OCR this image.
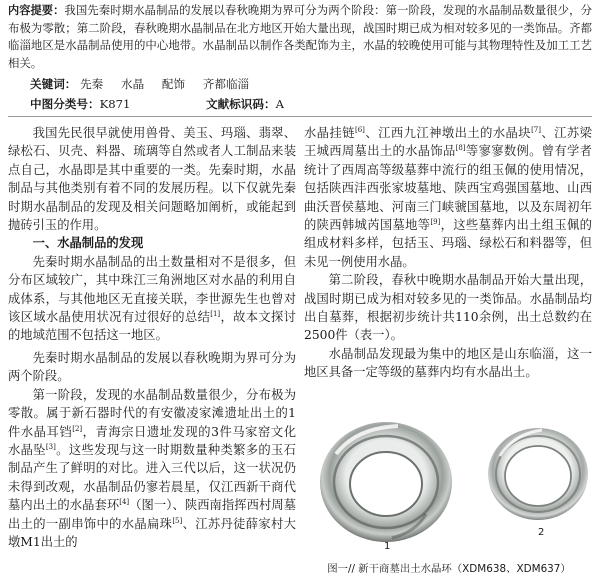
内容提要：我国先秦时期水晶制品的发展以春秋晚期为界可分为两个阶段：第一阶段，发现的水晶制品数量很少，分布极为零散；第二阶段，春秋晚期水晶制品在北方地区开始大量出现，战国时期已成为相对较多见的一类饰品。齐都临淄地区是水晶制品使用的中心地带。水晶制品以制作各类配饰为主，水晶的较晚使用可能与其物理特性及加工工艺相关。
关键词： 先秦 水晶 配饰 齐都临淄
中图分类号：K871	文献标识码：A

我国先民很早就使用兽骨、美玉、玛瑙、翡翠、绿松石、贝壳、料器、琉璃等自然或者人工制品来装点自己，水晶即是其中重要的一类。先秦时期，水晶制品与其他类别有着不同的发展历程。以下仅就先秦时期水晶制品的发现及相关问题略加阐析，或能起到抛砖引玉的作用。

一、水晶制品的发现

先秦时期水晶制品的出土数量相对不是很多，但分布区域较广，其中珠江三角洲地区对水晶的利用自成体系，与其他地区无直接关联，李世源先生也曾对该区域水晶使用状况有过很好的总结[1]，故本文探讨的地域范围不包括这一地区。

先秦时期水晶制品的发展以春秋晚期为界可分为两个阶段。

第一阶段，发现的水晶制品数量很少，分布极为零散。属于新石器时代的有安徽凌家滩遗址出土的1件水晶耳铛[2]，青海宗日遗址发现的3件马家窑文化水晶坠[3]。这些发现与这一时期数量种类繁多的玉石制品产生了鲜明的对比。进入三代以后，这一状况仍未得到改观，水晶制品仍寥若晨星，仅江西新干商代墓内出土的水晶套环[4]（图一）、陕西南指挥西村周墓出土的一副串饰中的水晶扁珠[5]、江苏丹徒薛家村大墩M1出土的

水晶挂链[6]、江西九江神墩出土的水晶块[7]、江苏梁王城西周墓出土的水晶饰品[8]等寥寥数例。曾有学者统计了西周高等级墓葬中流行的组玉佩的使用情况，包括陕西沣西张家坡墓地、陕西宝鸡强国墓地、山西曲沃晋侯墓地、河南三门峡虢国墓地，以及东周初年的陕西韩城芮国墓地等[9]，这些墓葬内出土组玉佩的组成材料多样，包括玉、玛瑙、绿松石和料器等，但未见一例使用水晶。

第二阶段，春秋中晚期水晶制品开始大量出现，战国时期已成为相对较多见的一类饰品。水晶制品均出自墓葬，根据初步统计共110余例，出土总数约在2500件（表一）。

水晶制品发现最为集中的地区是山东临淄，这一地区具备一定等级的墓葬内均有水晶出土。

1
2
图一// 新干商墓出土水晶环（XDM638、XDM637）
